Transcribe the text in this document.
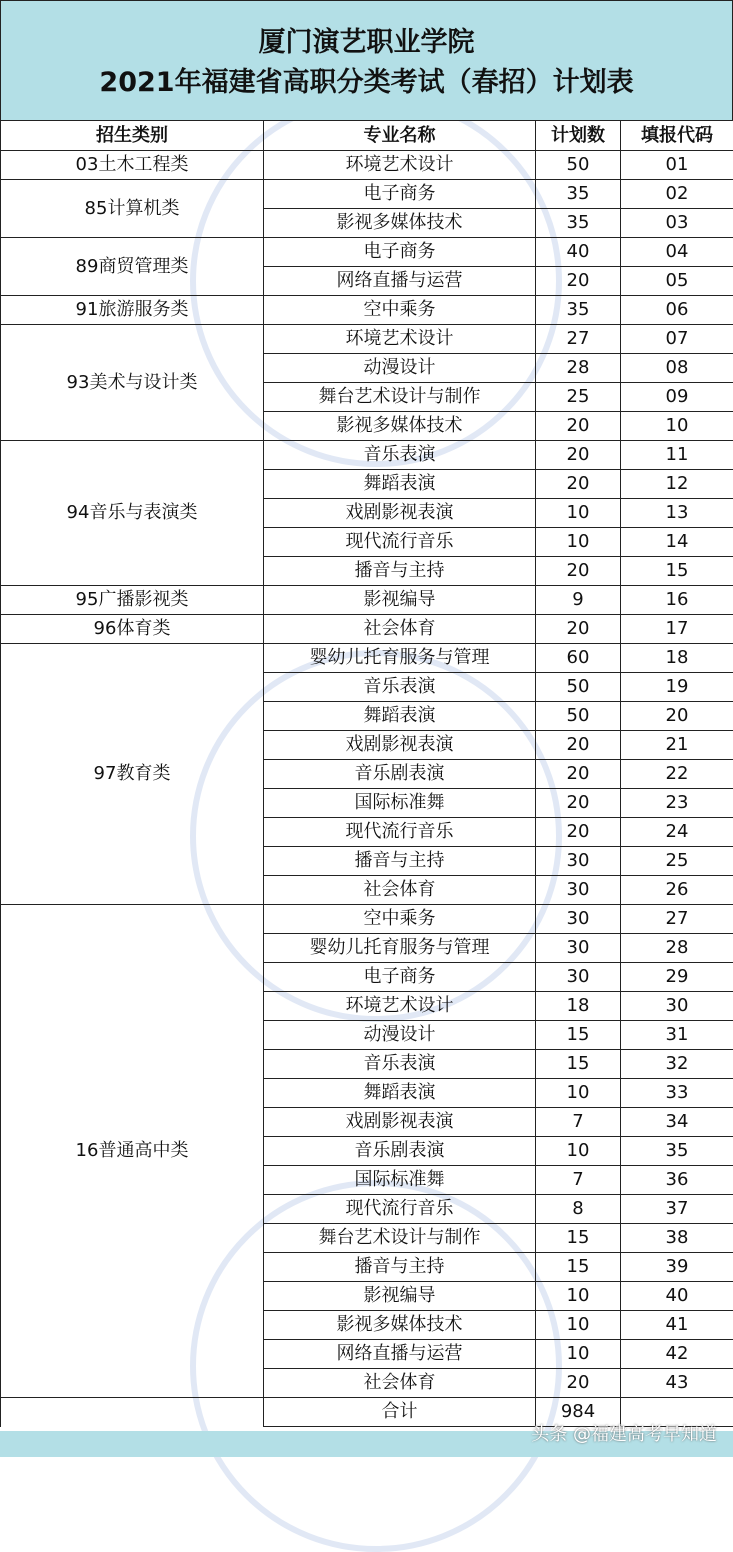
厦门演艺职业学院
2021年福建省高职分类考试（春招）计划表
招生类别	专业名称	计划数	填报代码
03土木工程类	环境艺术设计	50	01
85计算机类	电子商务	35	02
	影视多媒体技术	35	03
89商贸管理类	电子商务	40	04
	网络直播与运营	20	05
91旅游服务类	空中乘务	35	06
93美术与设计类	环境艺术设计	27	07
	动漫设计	28	08
	舞台艺术设计与制作	25	09
	影视多媒体技术	20	10
94音乐与表演类	音乐表演	20	11
	舞蹈表演	20	12
	戏剧影视表演	10	13
	现代流行音乐	10	14
	播音与主持	20	15
95广播影视类	影视编导	9	16
96体育类	社会体育	20	17
97教育类	婴幼儿托育服务与管理	60	18
	音乐表演	50	19
	舞蹈表演	50	20
	戏剧影视表演	20	21
	音乐剧表演	20	22
	国际标准舞	20	23
	现代流行音乐	20	24
	播音与主持	30	25
	社会体育	30	26
16普通高中类	空中乘务	30	27
	婴幼儿托育服务与管理	30	28
	电子商务	30	29
	环境艺术设计	18	30
	动漫设计	15	31
	音乐表演	15	32
	舞蹈表演	10	33
	戏剧影视表演	7	34
	音乐剧表演	10	35
	国际标准舞	7	36
	现代流行音乐	8	37
	舞台艺术设计与制作	15	38
	播音与主持	15	39
	影视编导	10	40
	影视多媒体技术	10	41
	网络直播与运营	10	42
	社会体育	20	43
	合计	984	
头条 @福建高考早知道
